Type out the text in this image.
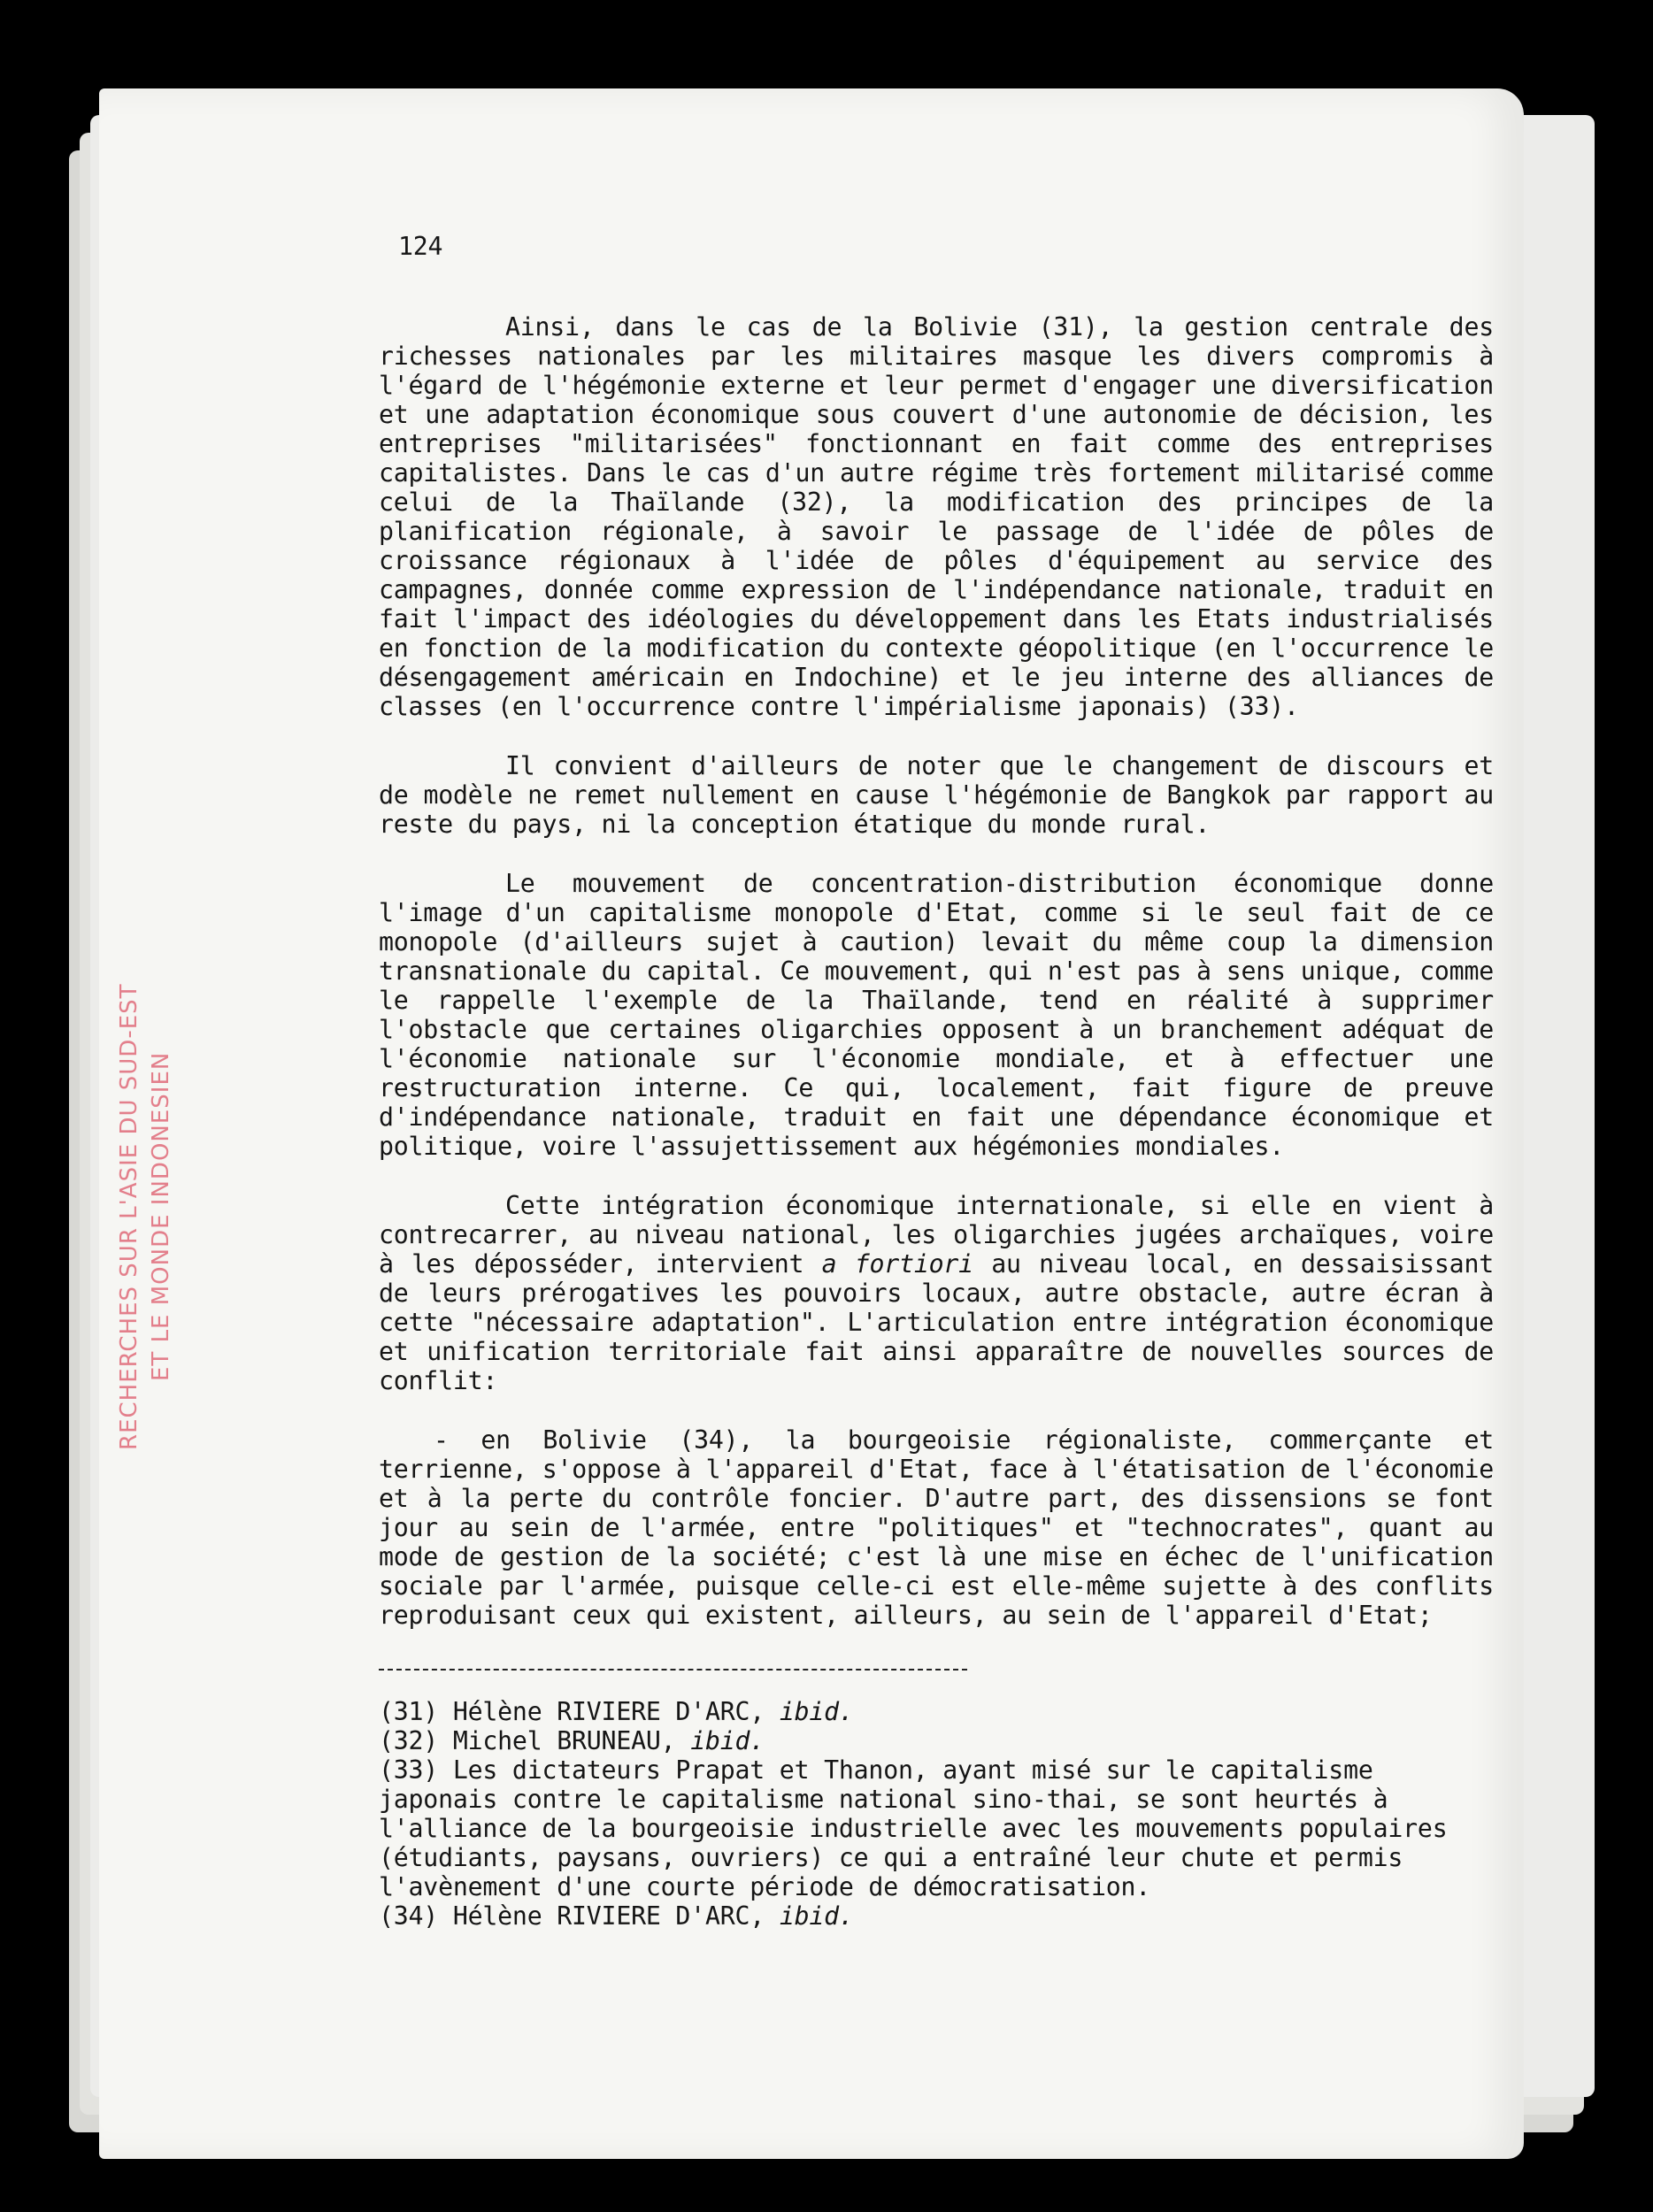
RECHERCHES SUR L'ASIE DU SUD-EST ET LE MONDE INDONESIEN
124

Ainsi, dans le cas de la Bolivie (31), la gestion centrale des richesses nationales par les militaires masque les divers compromis à l'égard de l'hégémonie externe et leur permet d'engager une diversification et une adaptation économique sous couvert d'une autonomie de décision, les entreprises "militarisées" fonctionnant en fait comme des entreprises capitalistes. Dans le cas d'un autre régime très fortement militarisé comme celui de la Thaïlande (32), la modification des principes de la planification régionale, à savoir le passage de l'idée de pôles de croissance régionaux à l'idée de pôles d'équipement au service des campagnes, donnée comme expression de l'indépendance nationale, traduit en fait l'impact des idéologies du développement dans les Etats industrialisés en fonction de la modification du contexte géopolitique (en l'occurrence le désengagement américain en Indochine) et le jeu interne des alliances de classes (en l'occurrence contre l'impérialisme japonais) (33).

Il convient d'ailleurs de noter que le changement de discours et de modèle ne remet nullement en cause l'hégémonie de Bangkok par rapport au reste du pays, ni la conception étatique du monde rural.

Le mouvement de concentration-distribution économique donne l'image d'un capitalisme monopole d'Etat, comme si le seul fait de ce monopole (d'ailleurs sujet à caution) levait du même coup la dimension transnationale du capital. Ce mouvement, qui n'est pas à sens unique, comme le rappelle l'exemple de la Thaïlande, tend en réalité à supprimer l'obstacle que certaines oligarchies opposent à un branchement adéquat de l'économie nationale sur l'économie mondiale, et à effectuer une restructuration interne. Ce qui, localement, fait figure de preuve d'indépendance nationale, traduit en fait une dépendance économique et politique, voire l'assujettissement aux hégémonies mondiales.

Cette intégration économique internationale, si elle en vient à contrecarrer, au niveau national, les oligarchies jugées archaïques, voire à les déposséder, intervient a fortiori au niveau local, en dessaisissant de leurs prérogatives les pouvoirs locaux, autre obstacle, autre écran à cette "nécessaire adaptation". L'articulation entre intégration économique et unification territoriale fait ainsi apparaître de nouvelles sources de conflit:

- en Bolivie (34), la bourgeoisie régionaliste, commerçante et terrienne, s'oppose à l'appareil d'Etat, face à l'étatisation de l'économie et à la perte du contrôle foncier. D'autre part, des dissensions se font jour au sein de l'armée, entre "politiques" et "technocrates", quant au mode de gestion de la société; c'est là une mise en échec de l'unification sociale par l'armée, puisque celle-ci est elle-même sujette à des conflits reproduisant ceux qui existent, ailleurs, au sein de l'appareil d'Etat;

(31) Hélène RIVIERE D'ARC, ibid.

(32) Michel BRUNEAU, ibid.

(33) Les dictateurs Prapat et Thanon, ayant misé sur le capitalisme japonais contre le capitalisme national sino-thai, se sont heurtés à l'alliance de la bourgeoisie industrielle avec les mouvements populaires (étudiants, paysans, ouvriers) ce qui a entraîné leur chute et permis l'avènement d'une courte période de démocratisation.

(34) Hélène RIVIERE D'ARC, ibid.
